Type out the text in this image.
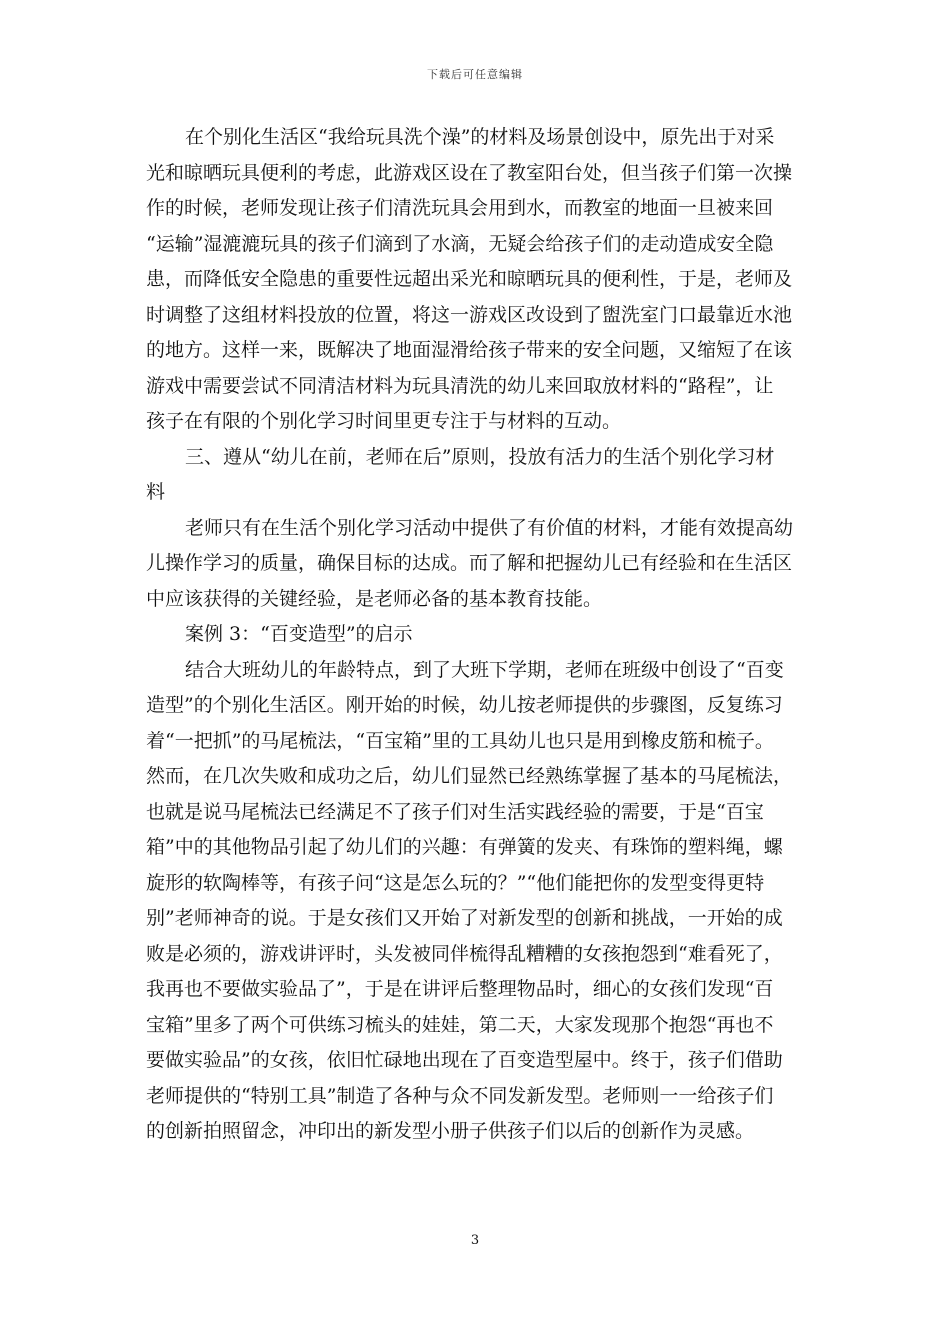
下载后可任意编辑
在个别化生活区“我给玩具洗个澡”的材料及场景创设中，原先出于对采
光和晾晒玩具便利的考虑，此游戏区设在了教室阳台处，但当孩子们第一次操
作的时候，老师发现让孩子们清洗玩具会用到水，而教室的地面一旦被来回
“运输”湿漉漉玩具的孩子们滴到了水滴，无疑会给孩子们的走动造成安全隐
患，而降低安全隐患的重要性远超出采光和晾晒玩具的便利性，于是，老师及
时调整了这组材料投放的位置，将这一游戏区改设到了盥洗室门口最靠近水池
的地方。这样一来，既解决了地面湿滑给孩子带来的安全问题，又缩短了在该
游戏中需要尝试不同清洁材料为玩具清洗的幼儿来回取放材料的“路程”，让
孩子在有限的个别化学习时间里更专注于与材料的互动。
三、遵从“幼儿在前，老师在后”原则，投放有活力的生活个别化学习材
料
老师只有在生活个别化学习活动中提供了有价值的材料，才能有效提高幼
儿操作学习的质量，确保目标的达成。而了解和把握幼儿已有经验和在生活区
中应该获得的关键经验，是老师必备的基本教育技能。
案例 3：“百变造型”的启示
结合大班幼儿的年龄特点，到了大班下学期，老师在班级中创设了“百变
造型”的个别化生活区。刚开始的时候，幼儿按老师提供的步骤图，反复练习
着“一把抓”的马尾梳法，“百宝箱”里的工具幼儿也只是用到橡皮筋和梳子。
然而，在几次失败和成功之后，幼儿们显然已经熟练掌握了基本的马尾梳法，
也就是说马尾梳法已经满足不了孩子们对生活实践经验的需要，于是“百宝
箱”中的其他物品引起了幼儿们的兴趣：有弹簧的发夹、有珠饰的塑料绳，螺
旋形的软陶棒等，有孩子问“这是怎么玩的？”“他们能把你的发型变得更特
别”老师神奇的说。于是女孩们又开始了对新发型的创新和挑战，一开始的成
败是必须的，游戏讲评时，头发被同伴梳得乱糟糟的女孩抱怨到“难看死了，
我再也不要做实验品了”，于是在讲评后整理物品时，细心的女孩们发现“百
宝箱”里多了两个可供练习梳头的娃娃，第二天，大家发现那个抱怨“再也不
要做实验品”的女孩，依旧忙碌地出现在了百变造型屋中。终于，孩子们借助
老师提供的“特别工具”制造了各种与众不同发新发型。老师则一一给孩子们
的创新拍照留念，冲印出的新发型小册子供孩子们以后的创新作为灵感。
3
